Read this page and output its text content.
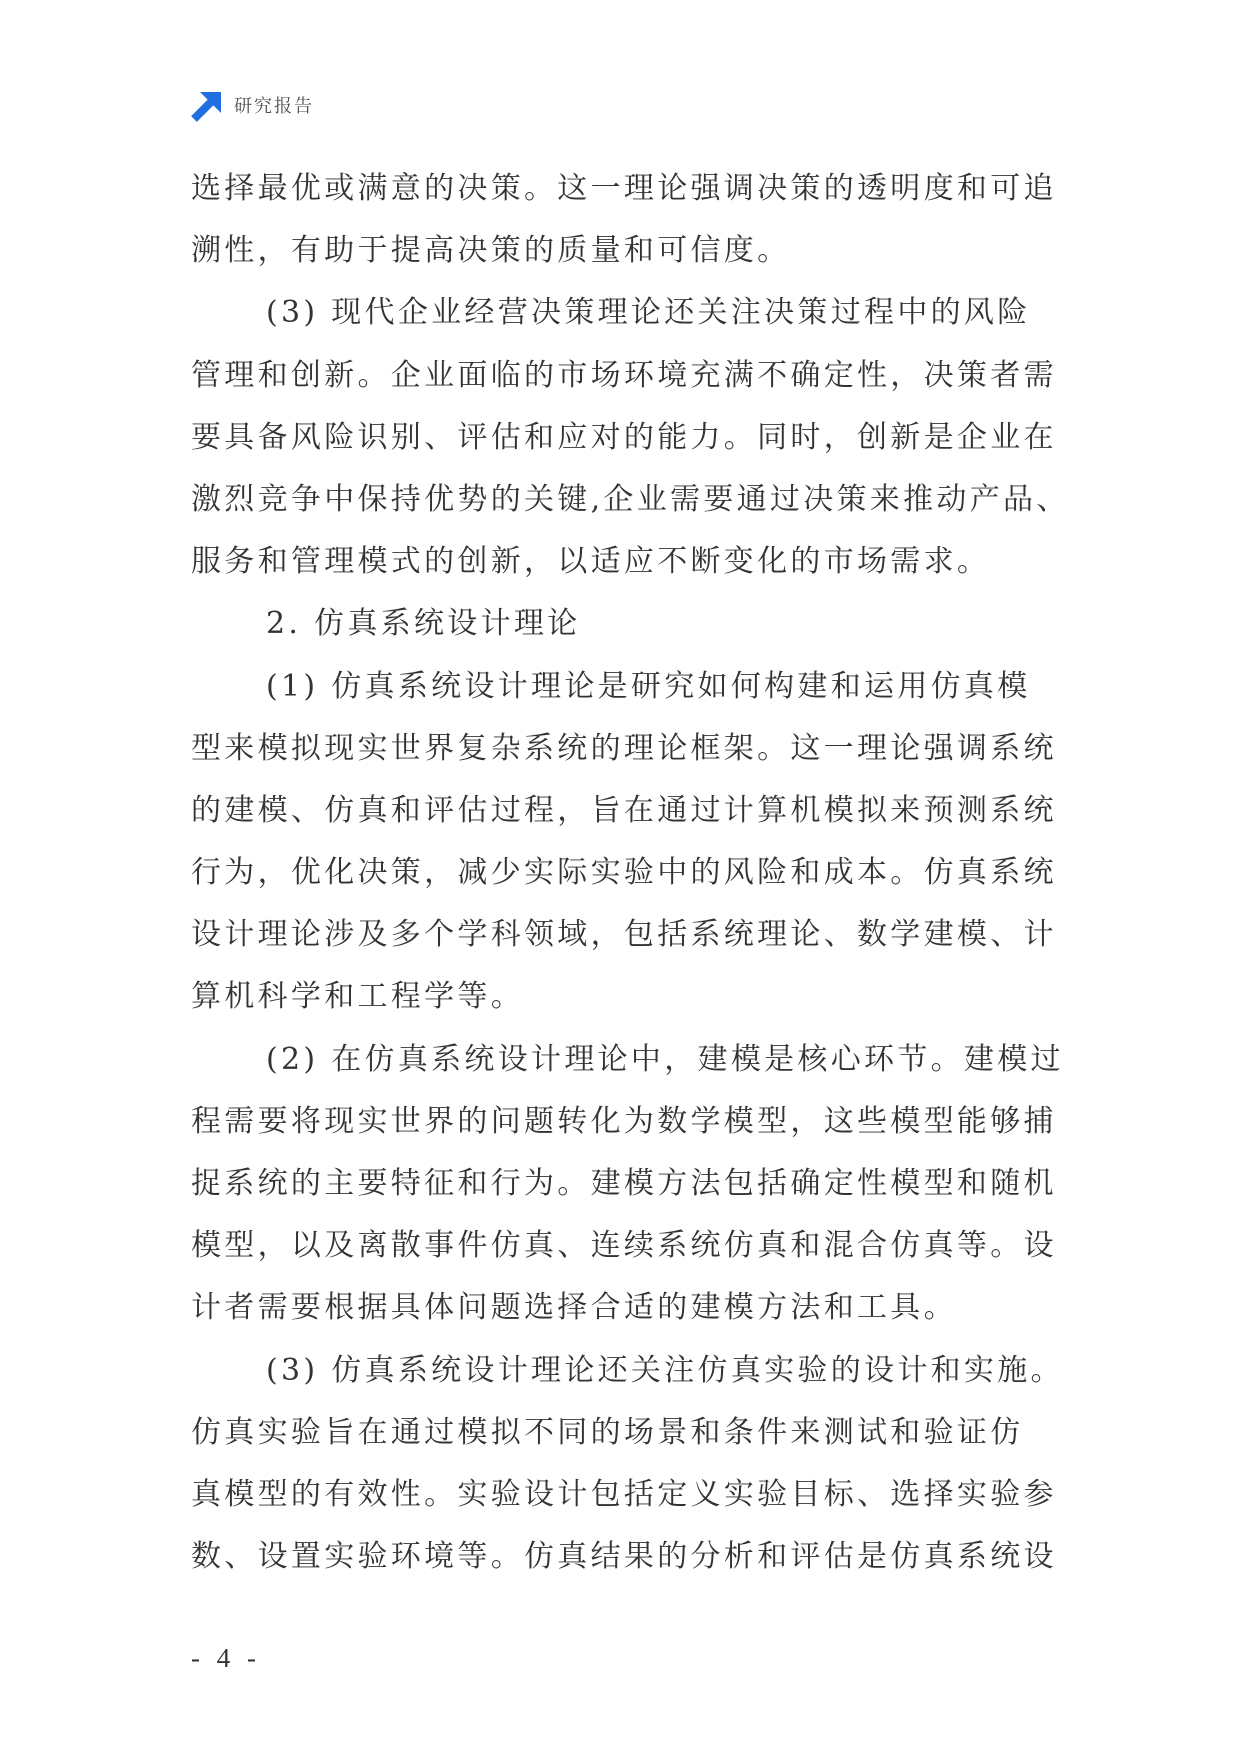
研究报告
选择最优或满意的决策。这一理论强调决策的透明度和可追
溯性，有助于提高决策的质量和可信度。
(3) 现代企业经营决策理论还关注决策过程中的风险
管理和创新。企业面临的市场环境充满不确定性，决策者需
要具备风险识别、评估和应对的能力。同时，创新是企业在
激烈竞争中保持优势的关键,企业需要通过决策来推动产品、
服务和管理模式的创新，以适应不断变化的市场需求。
2. 仿真系统设计理论
(1) 仿真系统设计理论是研究如何构建和运用仿真模
型来模拟现实世界复杂系统的理论框架。这一理论强调系统
的建模、仿真和评估过程，旨在通过计算机模拟来预测系统
行为，优化决策，减少实际实验中的风险和成本。仿真系统
设计理论涉及多个学科领域，包括系统理论、数学建模、计
算机科学和工程学等。
(2) 在仿真系统设计理论中，建模是核心环节。建模过
程需要将现实世界的问题转化为数学模型，这些模型能够捕
捉系统的主要特征和行为。建模方法包括确定性模型和随机
模型，以及离散事件仿真、连续系统仿真和混合仿真等。设
计者需要根据具体问题选择合适的建模方法和工具。
(3) 仿真系统设计理论还关注仿真实验的设计和实施。
仿真实验旨在通过模拟不同的场景和条件来测试和验证仿
真模型的有效性。实验设计包括定义实验目标、选择实验参
数、设置实验环境等。仿真结果的分析和评估是仿真系统设
- 4 -
